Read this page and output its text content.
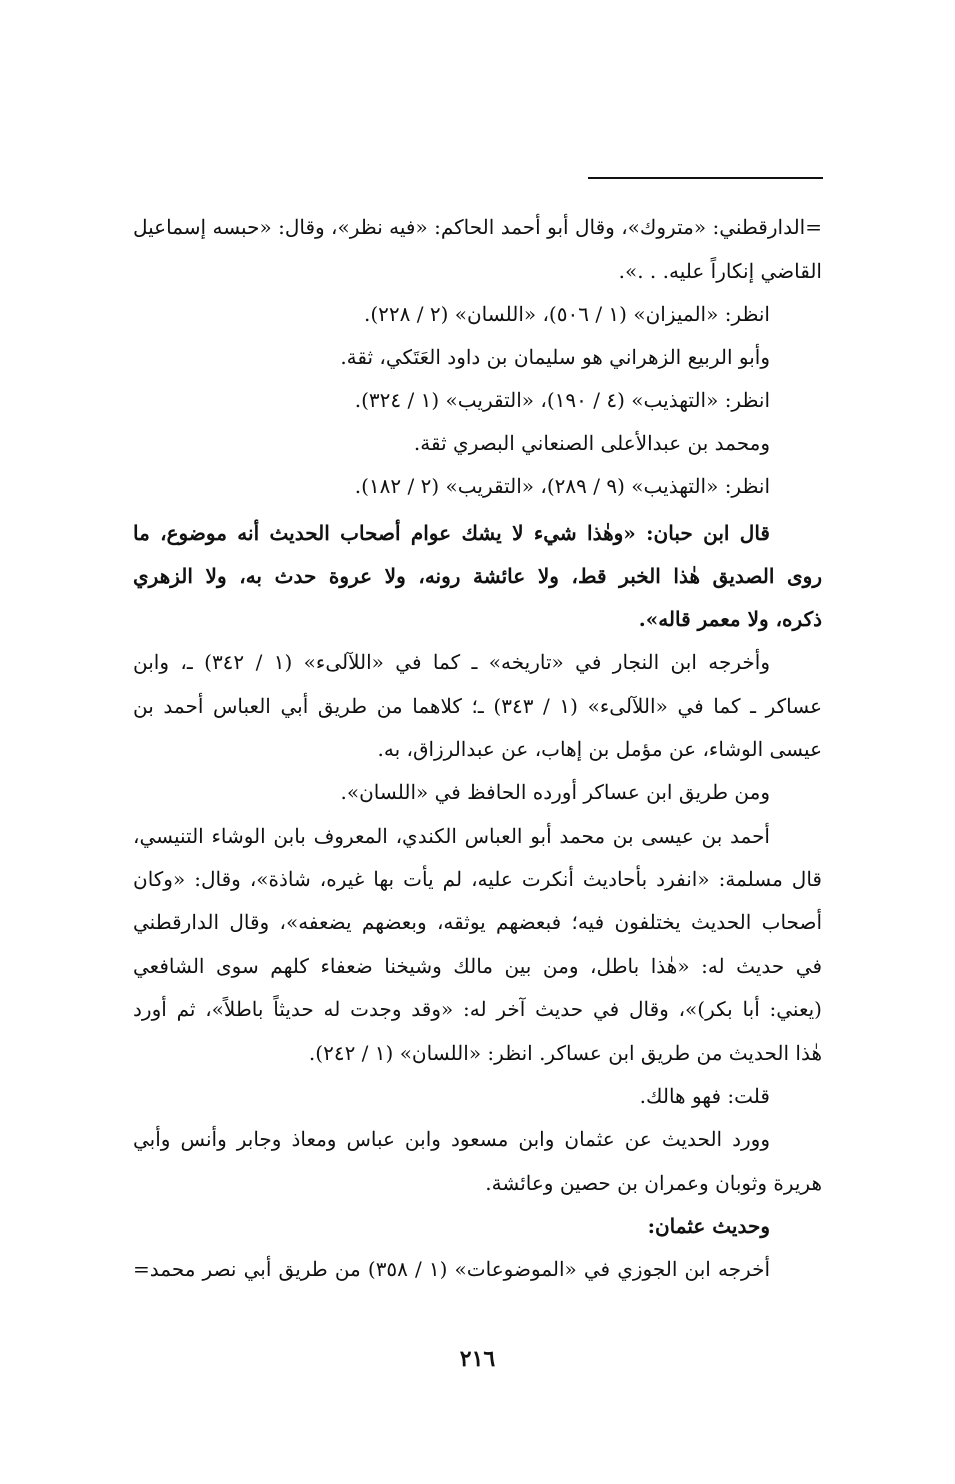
=الدارقطني: «متروك»، وقال أبو أحمد الحاكم: «فيه نظر»، وقال: «حبسه إسماعيل
القاضي إنكاراً عليه. . .».
انظر: «الميزان» (١ / ٥٠٦)، «اللسان» (٢ / ٢٢٨).
وأبو الربيع الزهراني هو سليمان بن داود العَتَكي، ثقة.
انظر: «التهذيب» (٤ / ١٩٠)، «التقريب» (١ / ٣٢٤).
ومحمد بن عبدالأعلى الصنعاني البصري ثقة.
انظر: «التهذيب» (٩ / ٢٨٩)، «التقريب» (٢ / ١٨٢).
قال ابن حبان: «وهٰذا شيء لا يشك عوام أصحاب الحديث أنه موضوع، ما
روى الصديق هٰذا الخبر قط، ولا عائشة رونه، ولا عروة حدث به، ولا الزهري
ذكره، ولا معمر قاله».
وأخرجه ابن النجار في «تاريخه» ـ كما في «اللآلىء» (١ / ٣٤٢) ـ، وابن
عساكر ـ كما في «اللآلىء» (١ / ٣٤٣) ـ؛ كلاهما من طريق أبي العباس أحمد بن
عيسى الوشاء، عن مؤمل بن إهاب، عن عبدالرزاق، به.
ومن طريق ابن عساكر أورده الحافظ في «اللسان».
أحمد بن عيسى بن محمد أبو العباس الكندي، المعروف بابن الوشاء التنيسي،
قال مسلمة: «انفرد بأحاديث أنكرت عليه، لم يأت بها غيره، شاذة»، وقال: «وكان
أصحاب الحديث يختلفون فيه؛ فبعضهم يوثقه، وبعضهم يضعفه»، وقال الدارقطني
في حديث له: «هٰذا باطل، ومن بين مالك وشيخنا ضعفاء كلهم سوى الشافعي
(يعني: أبا بكر)»، وقال في حديث آخر له: «وقد وجدت له حديثاً باطلاً»، ثم أورد
هٰذا الحديث من طريق ابن عساكر. انظر: «اللسان» (١ / ٢٤٢).
قلت: فهو هالك.
وورد الحديث عن عثمان وابن مسعود وابن عباس ومعاذ وجابر وأنس وأبي
هريرة وثوبان وعمران بن حصين وعائشة.
وحديث عثمان:
أخرجه ابن الجوزي في «الموضوعات» (١ / ٣٥٨) من طريق أبي نصر محمد=
٢١٦
